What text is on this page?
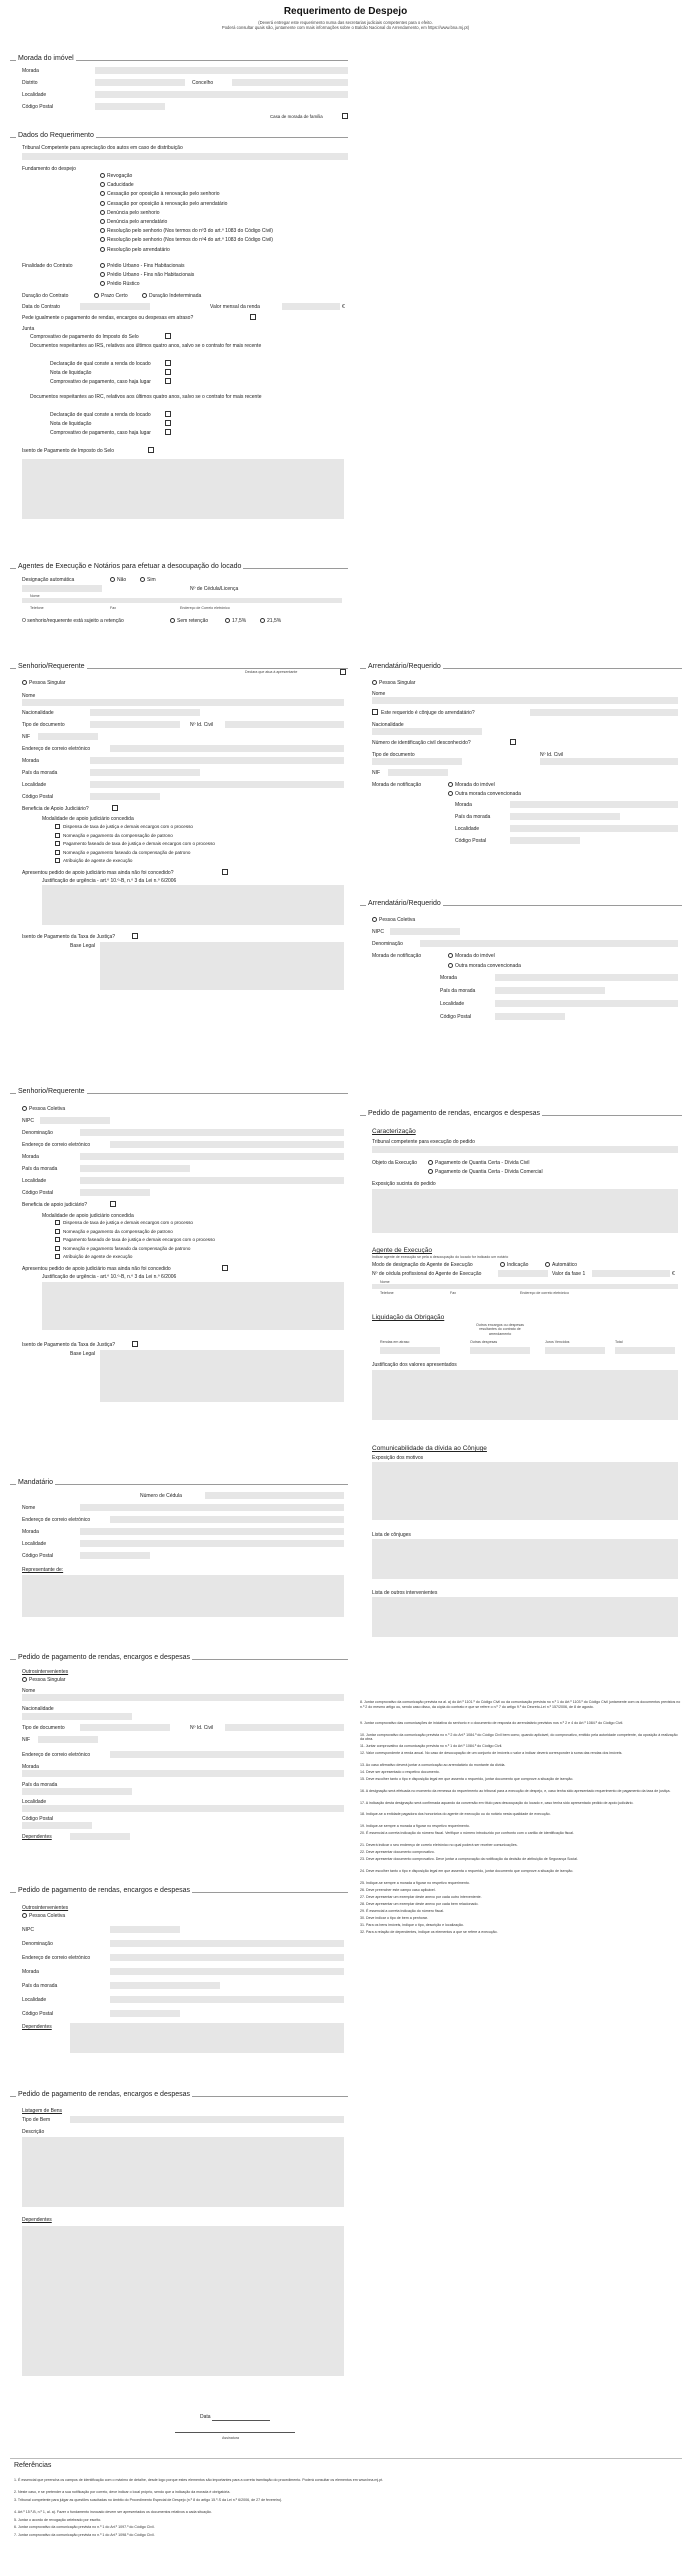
Requerimento de Despejo
(Deverá entregar este requerimento numa das secretarias judiciais competentes para o efeito.
Poderá consultar quais são, juntamente com mais informações sobre o Balcão Nacional do Arrendamento, em https://www.bna.mj.pt)
Morada do imóvel
Morada
Distrito	Concelho
Localidade
Código Postal
Casa de morada de família
Dados do Requerimento
Tribunal Competente para apreciação dos autos em caso de distribuição
Fundamento do despejo
Finalidade do Contrato
Duração do Contrato	Prazo Certo	Duração Indeterminada
Data do Contrato	Valor mensal da renda	€
Pede igualmente o pagamento de rendas, encargos ou despesas em atraso?
Junta
Comprovativo de pagamento do Imposto do Selo
Documentos respeitantes ao IRS, relativos aos últimos quatro anos, salvo se o contrato for mais recente
Declaração de qual conste a renda do locado
Nota de liquidação
Comprovativo de pagamento, caso haja lugar
Documentos respeitantes ao IRC, relativos aos últimos quatro anos, salvo se o contrato for mais recente
Declaração de qual conste a renda do locado
Nota de liquidação
Comprovativo de pagamento, caso haja lugar
Isento de Pagamento de Imposto do Selo
Agentes de Execução e Notários para efetuar a desocupação do locado
Designação automática	Não	Sim
Nº de Cédula/Licença
Nome
Telefone	Fax	Endereço de Correio eletrónico
O senhorio/requerente está sujeito a retenção	Sem retenção	17,5%	21,5%
Senhorio/Requerente
Declara que atua à apresentante
Pessoa Singular
Nome
Nacionalidade
Tipo de documento	Nº Id. Civil
NIF
Endereço de correio eletrónico
Morada
País da morada
Localidade
Código Postal
Beneficia de Apoio Judiciário?
Modalidade de apoio judiciário concedida
Apresentou pedido de apoio judiciário mas ainda não foi concedido?
Justificação de urgência - art.º 10.º-B, n.º 3 da Lei n.º 6/2006
Isento de Pagamento da Taxa de Justiça?
Base Legal
Arrendatário/Requerido
Pessoa Singular
Nome
Este requerido é cônjuge do arrendatário?
Nacionalidade
Número de identificação civil desconhecido?
Tipo de documento	Nº Id. Civil
NIF
Morada de notificação	Morada do imóvel
Outra morada convencionada
Morada
País da morada
Localidade
Código Postal
Arrendatário/Requerido
Pessoa Coletiva
NIPC
Denominação
Morada de notificação	Morada do imóvel
Outra morada convencionada
Morada
País da morada
Localidade
Código Postal
Senhorio/Requerente
Pessoa Coletiva
NIPC
Denominação
Endereço de correio eletrónico
Morada
País da morada
Localidade
Código Postal
Beneficia de apoio judiciário?
Modalidade de apoio judiciário concedida
Apresentou pedido de apoio judiciário mas ainda não foi concedido
Justificação de urgência - art.º 10.º-B, n.º 3 da Lei n.º 6/2006
Isento de Pagamento da Taxa de Justiça?
Base Legal
Pedido de pagamento de rendas, encargos e despesas
Caracterização
Tribunal competente para execução do pedido
Objeto da Execução	Pagamento de Quantia Certa - Dívida Civil
Pagamento de Quantia Certa - Dívida Comercial
Exposição sucinta do pedido
Agente de Execução
Indicar agente de execução se pela a desocupação do locado for indicado um notário
Modo de designação do Agente de Execução	Indicação	Automático
Nº de cédula profissional do Agente de Execução	Valor da fase 1	€
Nome
Telefone	Fax	Endereço de correio eletrónico
Liquidação da Obrigação
Outros encargos ou despesas resultantes do contrato de arrendamento
Justificação dos valores apresentados
Comunicabilidade da dívida ao Cônjuge
Exposição dos motivos
Lista de cônjuges
Lista de outros intervenientes
Mandatário
Número de Cédula
Nome
Endereço de correio eletrónico
Morada
Localidade
Código Postal
Representante de:
Pedido de pagamento de rendas, encargos e despesas
Outrosintervenientes
Pessoa Singular
Nome
Nacionalidade
Tipo de documento	Nº Id. Civil
NIF
Endereço de correio eletrónico
Morada
País da morada
Localidade
Código Postal
Dependentes
Pedido de pagamento de rendas, encargos e despesas
Outrosintervenientes
Pessoa Coletiva
NIPC
Denominação
Endereço de correio eletrónico
Morada
País da morada
Localidade
Código Postal
Dependentes
Pedido de pagamento de rendas, encargos e despesas
Listagem de Bens
Tipo de Bem
Descrição
Dependentes
Data
Assinatura
Referências
Revogação
Caducidade
Cessação por oposição à renovação pelo senhorio
Cessação por oposição à renovação pelo arrendatário
Denúncia pelo senhorio
Denúncia pelo arrendatário
Resolução pelo senhorio (Nos termos do nº3 do art.º 1083 do Código Civil)
Resolução pelo senhorio (Nos termos do nº4 do art.º 1083 do Código Civil)
Resolução pelo arrendatário
Prédio Urbano - Fins Habitacionais
Prédio Urbano - Fins não Habitacionais
Prédio Rústico
Dispensa de taxa de justiça e demais encargos com o processo
Nomeação e pagamento da compensação de patrono
Pagamento faseado de taxa de justiça e demais encargos com o processo
Nomeação e pagamento faseado da compensação de patrono
Atribuição de agente de execução
Dispensa de taxa de justiça e demais encargos com o processo
Nomeação e pagamento da compensação de patrono
Pagamento faseado de taxa de justiça e demais encargos com o processo
Nomeação e pagamento faseado da compensação de patrono
Atribuição de agente de execução
Rendas em atraso	Outras despesas	Juros Vencidos	Total
8. Juntar comprovativo da comunicação prevista na al. a) do Art.º 1101.º do Código Civil ou da comunicação prevista no n.º 1 do Art.º 1103.º do Código Civil juntamente com os documentos previstos no n.º 2 do mesmo artigo ou, sendo caso disso, da cópia do contrato e que se refere o n.º 7 do artigo 9.º do Decreto-Lei n.º 157/2006, de 8 de agosto.
9. Juntar comprovativo das comunicações de iniciativa do senhorio e o documento de resposta do arrendatário previstos nos n.º 2 e 4 do Art.º 1084.º do Código Civil.
10. Juntar comprovativo da comunicação prevista no n.º 2 do Art.º 1084.º do Código Civil bem como, quando aplicável, do comprovativo, emitido pela autoridade competente, da oposição à realização da obra.
11. Juntar comprovativo da comunicação prevista no n.º 1 do Art.º 1084.º do Código Civil.
12. Valor correspondente à renda anual. No caso de desocupação de um conjunto de imóveis o valor a indicar deverá corresponder à soma das rendas dos imóveis.
13. Ao caso afirmativo deverá juntar a comunicação ao arrendatário do montante da dívida.
14. Deve ser apresentado o respetivo documento.
15. Deve escolher tanto o tipo e disposição legal em que assenta o requerido, juntar documento que comprove a situação de isenção.
16. A designação será efetuada no momento da remessa do requerimento ao tribunal para a execução de despejo, e, caso tenha sido apresentado requerimento de pagamento da taxa de justiça.
17. A indicação desta designação será confirmada aquando da conversão em título para desocupação do locado e, caso tenha sido apresentado pedido de apoio judiciário.
18. Indique-se a entidade pagadora dos honorários do agente de execução ou do notário nesta qualidade de execução.
19. Indique-se sempre a morada a figurar no respetivo requerimento.
20. É essencial a correta indicação do número fiscal. Verifique o número introduzido por confronto com o cartão de identificação fiscal.
21. Deverá indicar o seu endereço de correio eletrónico no qual poderá ser receber comunicações.
22. Deve apresentar documento comprovativo.
23. Deve apresentar documento comprovativo. Deve juntar a comprovação da notificação da decisão de atribuição de Segurança Social.
24. Deve escolher tanto o tipo e disposição legal em que assenta o requerido, juntar documento que comprove a situação de isenção.
25. Indique-se sempre a morada a figurar no respetivo requerimento.
26. Deve preencher este campo caso aplicável.
27. Deve apresentar um exemplar deste anexo por cada outro interveniente.
28. Deve apresentar um exemplar deste anexo por cada bem relacionado.
29. É essencial a correta indicação do número fiscal.
30. Deve indicar o tipo de bem a penhorar.
31. Para os bens imóveis, indique o tipo, descrição e localização.
32. Para a relação de dependentes, indique os elementos a que se refere a execução.
1. É essencial que preencha os campos de identificação com o máximo de detalhe, desde logo porque estes elementos são importantes para a correta tramitação do procedimento. Poderá consultar os elementos em www.bna.mj.pt.
2. Neste caso, e se pretender a sua notificação por correio, deve indicar o local próprio, sendo que a indicação da morada é obrigatória.
3. Tribunal competente para julgar as questões suscitadas no âmbito do Procedimento Especial de Despejo (n.º 8 do artigo 15.º-S da Lei n.º 6/2006, de 27 de fevereiro).
4. Art.º 15.º-B, n.º 1, al. a). Fazer o fundamento invocado devem ser apresentados os documentos relativos a cada situação.
5. Juntar o acordo de revogação celebrado por escrito.
6. Juntar comprovativo da comunicação prevista no n.º 1 do Art.º 1097.º do Código Civil.
7. Juntar comprovativo da comunicação prevista no n.º 1 do Art.º 1098.º do Código Civil.
